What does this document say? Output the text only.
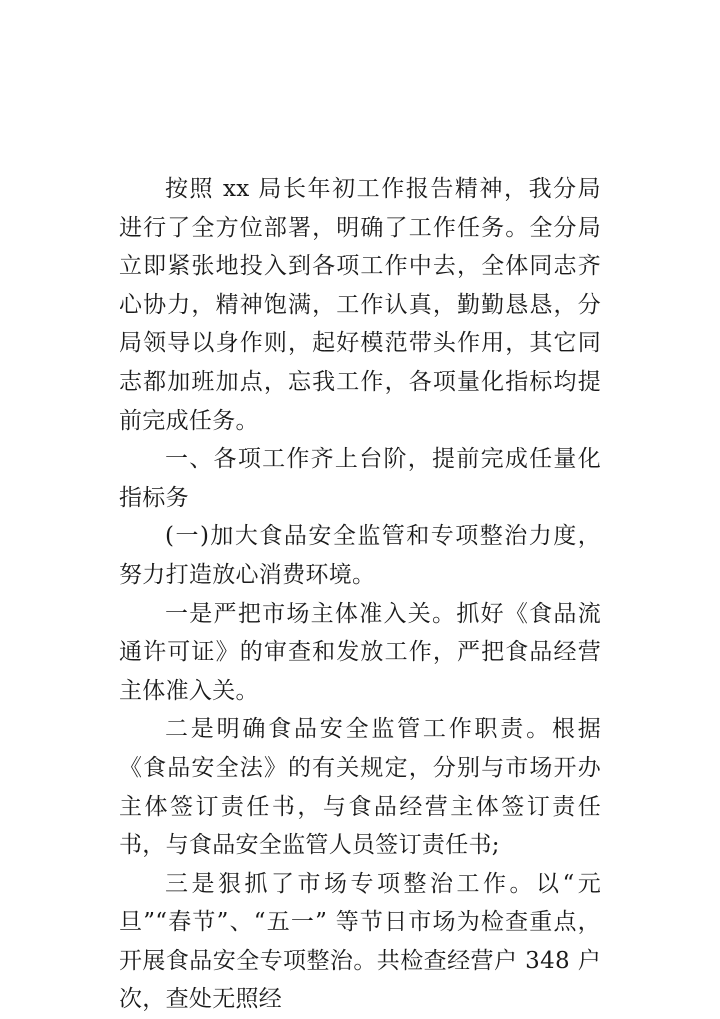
按照 xx 局长年初工作报告精神，我分局进行了全方位部署，明确了工作任务。全分局立即紧张地投入到各项工作中去，全体同志齐心协力，精神饱满，工作认真，勤勤恳恳，分局领导以身作则，起好模范带头作用，其它同志都加班加点，忘我工作，各项量化指标均提前完成任务。

一、各项工作齐上台阶，提前完成任量化指标务

(一)加大食品安全监管和专项整治力度，努力打造放心消费环境。

一是严把市场主体准入关。抓好《食品流通许可证》的审查和发放工作，严把食品经营主体准入关。

二是明确食品安全监管工作职责。根据《食品安全法》的有关规定，分别与市场开办主体签订责任书，与食品经营主体签订责任书，与食品安全监管人员签订责任书;

三是狠抓了市场专项整治工作。以“元旦”“春节”、“五一” 等节日市场为检查重点，开展食品安全专项整治。共检查经营户 348 户次，查处无照经
